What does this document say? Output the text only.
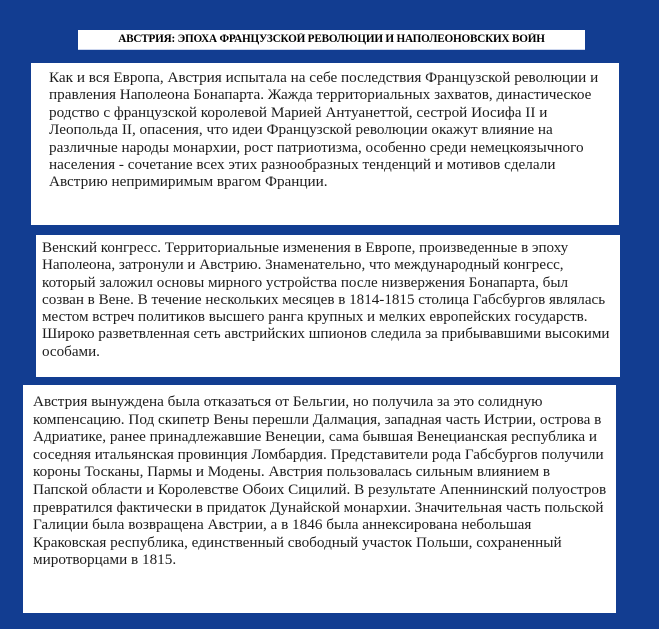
АВСТРИЯ: ЭПОХА ФРАНЦУЗСКОЙ РЕВОЛЮЦИИ И НАПОЛЕОНОВСКИХ ВОЙН

Как и вся Европа, Австрия испытала на себе последствия Французской революции и правления Наполеона Бонапарта. Жажда территориальных захватов, династическое родство с французской королевой Марией Антуанеттой, сестрой Иосифа II и Леопольда II, опасения, что идеи Французской революции окажут влияние на различные народы монархии, рост патриотизма, особенно среди немецкоязычного населения - сочетание всех этих разнообразных тенденций и мотивов сделали Австрию непримиримым врагом Франции.

Венский конгресс. Территориальные изменения в Европе, произведенные в эпоху Наполеона, затронули и Австрию. Знаменательно, что международный конгресс, который заложил основы мирного устройства после низвержения Бонапарта, был созван в Вене. В течение нескольких месяцев в 1814-1815 столица Габсбургов являлась местом встреч политиков высшего ранга крупных и мелких европейских государств. Широко разветвленная сеть австрийских шпионов следила за прибывавшими высокими особами.

Австрия вынуждена была отказаться от Бельгии, но получила за это солидную компенсацию. Под скипетр Вены перешли Далмация, западная часть Истрии, острова в Адриатике, ранее принадлежавшие Венеции, сама бывшая Венецианская республика и соседняя итальянская провинция Ломбардия. Представители рода Габсбургов получили короны Тосканы, Пармы и Модены. Австрия пользовалась сильным влиянием в Папской области и Королевстве Обоих Сицилий. В результате Апеннинский полуостров превратился фактически в придаток Дунайской монархии. Значительная часть польской Галиции была возвращена Австрии, а в 1846 была аннексирована небольшая Краковская республика, единственный свободный участок Польши, сохраненный миротворцами в 1815.
